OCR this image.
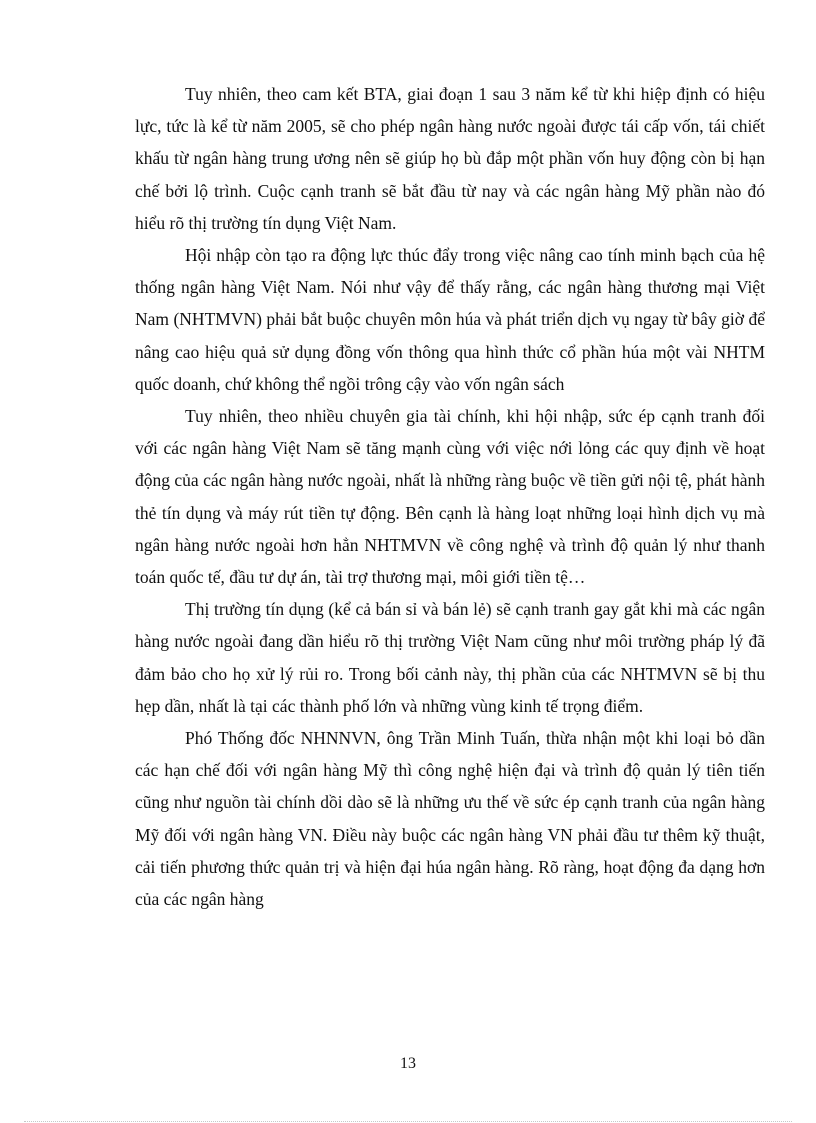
Tuy nhiên, theo cam kết BTA, giai đoạn 1 sau 3 năm kể từ khi hiệp định có hiệu lực, tức là kể từ năm 2005, sẽ cho phép ngân hàng nước ngoài được tái cấp vốn, tái chiết khấu từ ngân hàng trung ương nên sẽ giúp họ bù đắp một phần vốn huy động còn bị hạn chế bởi lộ trình. Cuộc cạnh tranh sẽ bắt đầu từ nay và các ngân hàng Mỹ phần nào đó hiểu rõ thị trường tín dụng Việt Nam.

Hội nhập còn tạo ra động lực thúc đẩy trong việc nâng cao tính minh bạch của hệ thống ngân hàng Việt Nam. Nói như vậy để thấy rằng, các ngân hàng thương mại Việt Nam (NHTMVN) phải bắt buộc chuyên môn húa và phát triển dịch vụ ngay từ bây giờ để nâng cao hiệu quả sử dụng đồng vốn thông qua hình thức cổ phần húa một vài NHTM quốc doanh, chứ không thể ngồi trông cậy vào vốn ngân sách

Tuy nhiên, theo nhiều chuyên gia tài chính, khi hội nhập, sức ép cạnh tranh đối với các ngân hàng Việt Nam sẽ tăng mạnh cùng với việc nới lỏng các quy định về hoạt động của các ngân hàng nước ngoài, nhất là những ràng buộc về tiền gửi nội tệ, phát hành thẻ tín dụng và máy rút tiền tự động. Bên cạnh là hàng loạt những loại hình dịch vụ mà ngân hàng nước ngoài hơn hẳn NHTMVN về công nghệ và trình độ quản lý như thanh toán quốc tế, đầu tư dự án, tài trợ thương mại, môi giới tiền tệ…

Thị trường tín dụng (kể cả bán sỉ và bán lẻ) sẽ cạnh tranh gay gắt khi mà các ngân hàng nước ngoài đang dần hiểu rõ thị trường Việt Nam cũng như môi trường pháp lý đã đảm bảo cho họ xử lý rủi ro. Trong bối cảnh này, thị phần của các NHTMVN sẽ bị thu hẹp dần, nhất là tại các thành phố lớn và những vùng kinh tế trọng điểm.

Phó Thống đốc NHNNVN, ông Trần Minh Tuấn, thừa nhận một khi loại bỏ dần các hạn chế đối với ngân hàng Mỹ thì công nghệ hiện đại và trình độ quản lý tiên tiến cũng như nguồn tài chính dồi dào sẽ là những ưu thế về sức ép cạnh tranh của ngân hàng Mỹ đối với ngân hàng VN. Điều này buộc các ngân hàng VN phải đầu tư thêm kỹ thuật, cải tiến phương thức quản trị và hiện đại húa ngân hàng. Rõ ràng, hoạt động đa dạng hơn của các ngân hàng

13
